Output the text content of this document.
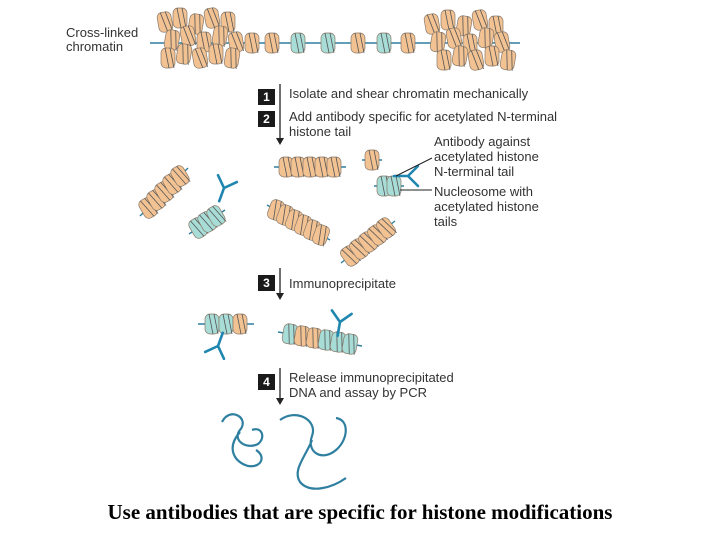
Cross-linked
chromatin
1	Isolate and shear chromatin mechanically
2	Add antibody specific for acetylated N-terminal
histone tail
3	Immunoprecipitate
4	Release immunoprecipitated
DNA and assay by PCR
Antibody against
acetylated histone
N-terminal tail
Nucleosome with
acetylated histone
tails
Use antibodies that are specific for histone modifications
